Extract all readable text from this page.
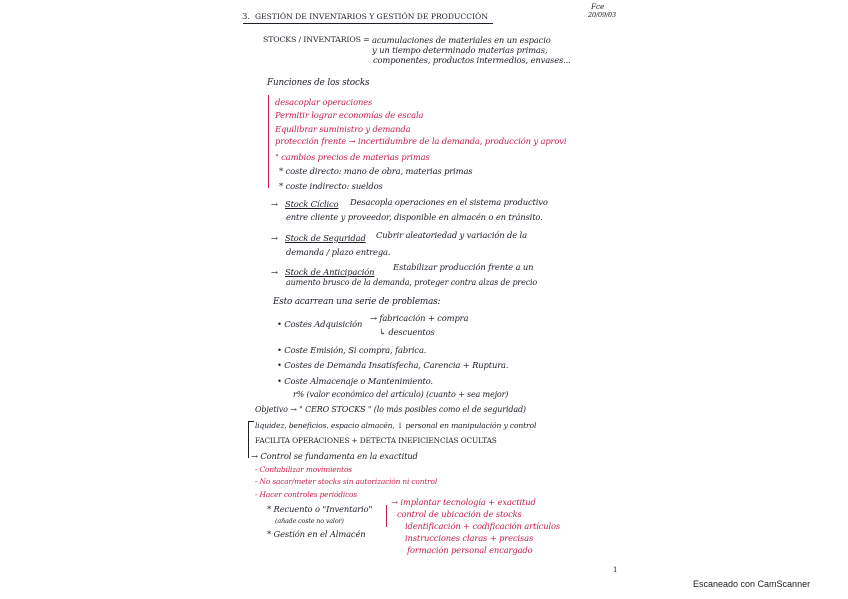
3. GESTIÓN DE INVENTARIOS Y GESTIÓN DE PRODUCCIÓN
Fce
20/09/03
STOCKS / INVENTARIOS = acumulaciones de materiales en un espacio
y un tiempo determinado materias primas,
componentes, productos intermedios, envases...
Funciones de los stocks
desacoplar operaciones
Permitir lograr economías de escala
Equilibrar suministro y demanda
protección frente → incertidumbre de la demanda, producción y aprovi
" cambios precios de materias primas
* coste directo: mano de obra, materias primas
* coste indirecto: sueldos
→ Stock Cíclico Desacopla operaciones en el sistema productivo
entre cliente y proveedor, disponible en almacén o en tránsito.
→ Stock de Seguridad Cubrir aleatoriedad y variación de la
demanda / plazo entrega.
→ Stock de Anticipación Estabilizar producción frente a un
aumento brusco de la demanda, proteger contra alzas de precio
Esto acarrean una serie de problemas:
• Costes Adquisición
→ fabricación + compra
↳ descuentos
• Coste Emisión, Si compra, fabrica.
• Costes de Demanda Insatisfecha, Carencia + Ruptura.
• Coste Almacenaje o Mantenimiento.
r% (valor económico del artículo) (cuanto + sea mejor)
Objetivo → " CERO STOCKS " (lo más posibles como el de seguridad)
liquidez, beneficios, espacio almacén, ↓ personal en manipulación y control
FACILITA OPERACIONES + DETECTA INEFICIENCIAS OCULTAS
→ Control se fundamenta en la exactitud
- Contabilizar movimientos
- No sacar/meter stocks sin autorización ni control
- Hacer controles periódicos
* Recuento o "Inventario"
(añade coste no valor)
* Gestión en el Almacén
→ implantar tecnología + exactitud
control de ubicación de stocks
identificación + codificación artículos
instrucciones claras + precisas
formación personal encargado
1
Escaneado con CamScanner
